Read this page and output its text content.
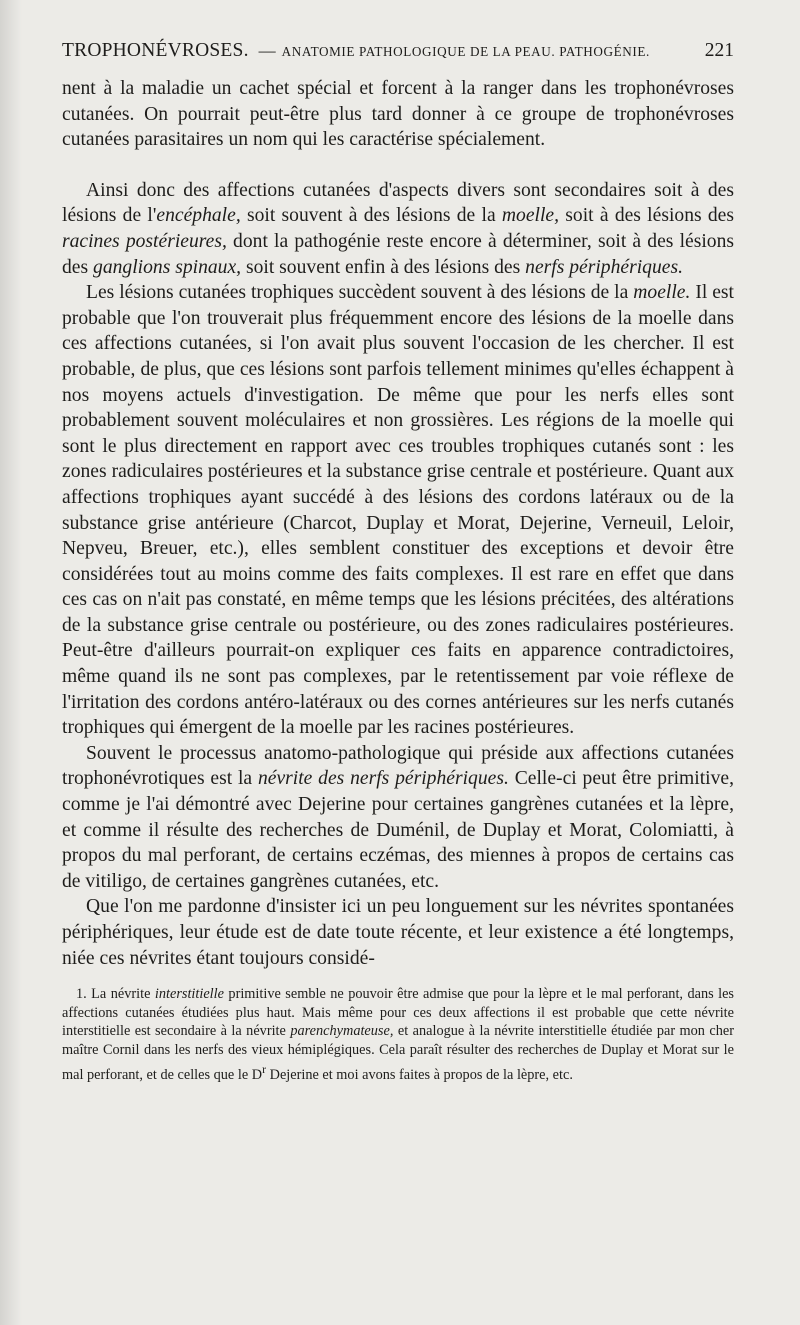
TROPHONÉVROSES. — ANATOMIE PATHOLOGIQUE DE LA PEAU. PATHOGÉNIE.	221

nent à la maladie un cachet spécial et forcent à la ranger dans les trophonévroses cutanées. On pourrait peut-être plus tard donner à ce groupe de trophonévroses cutanées parasitaires un nom qui les caractérise spécialement.

Ainsi donc des affections cutanées d'aspects divers sont secondaires soit à des lésions de l'encéphale, soit souvent à des lésions de la moelle, soit à des lésions des racines postérieures, dont la pathogénie reste encore à déterminer, soit à des lésions des ganglions spinaux, soit souvent enfin à des lésions des nerfs périphériques.

Les lésions cutanées trophiques succèdent souvent à des lésions de la moelle. Il est probable que l'on trouverait plus fréquemment encore des lésions de la moelle dans ces affections cutanées, si l'on avait plus souvent l'occasion de les chercher. Il est probable, de plus, que ces lésions sont parfois tellement minimes qu'elles échappent à nos moyens actuels d'investigation. De même que pour les nerfs elles sont probablement souvent moléculaires et non grossières. Les régions de la moelle qui sont le plus directement en rapport avec ces troubles trophiques cutanés sont : les zones radiculaires postérieures et la substance grise centrale et postérieure. Quant aux affections trophiques ayant succédé à des lésions des cordons latéraux ou de la substance grise antérieure (Charcot, Duplay et Morat, Dejerine, Verneuil, Leloir, Nepveu, Breuer, etc.), elles semblent constituer des exceptions et devoir être considérées tout au moins comme des faits complexes. Il est rare en effet que dans ces cas on n'ait pas constaté, en même temps que les lésions précitées, des altérations de la substance grise centrale ou postérieure, ou des zones radiculaires postérieures. Peut-être d'ailleurs pourrait-on expliquer ces faits en apparence contradictoires, même quand ils ne sont pas complexes, par le retentissement par voie réflexe de l'irritation des cordons antéro-latéraux ou des cornes antérieures sur les nerfs cutanés trophiques qui émergent de la moelle par les racines postérieures.

Souvent le processus anatomo-pathologique qui préside aux affections cutanées trophonévrotiques est la névrite des nerfs périphériques. Celle-ci peut être primitive, comme je l'ai démontré avec Dejerine pour certaines gangrènes cutanées et la lèpre, et comme il résulte des recherches de Duménil, de Duplay et Morat, Colomiatti, à propos du mal perforant, de certains eczémas, des miennes à propos de certains cas de vitiligo, de certaines gangrènes cutanées, etc.

Que l'on me pardonne d'insister ici un peu longuement sur les névrites spontanées périphériques, leur étude est de date toute récente, et leur existence a été longtemps, niée ces névrites étant toujours considé-

1. La névrite interstitielle primitive semble ne pouvoir être admise que pour la lèpre et le mal perforant, dans les affections cutanées étudiées plus haut. Mais même pour ces deux affections il est probable que cette névrite interstitielle est secondaire à la névrite parenchymateuse, et analogue à la névrite interstitielle étudiée par mon cher maître Cornil dans les nerfs des vieux hémiplégiques. Cela paraît résulter des recherches de Duplay et Morat sur le mal perforant, et de celles que le $D^r$ Dejerine et moi avons faites à propos de la lèpre, etc.
